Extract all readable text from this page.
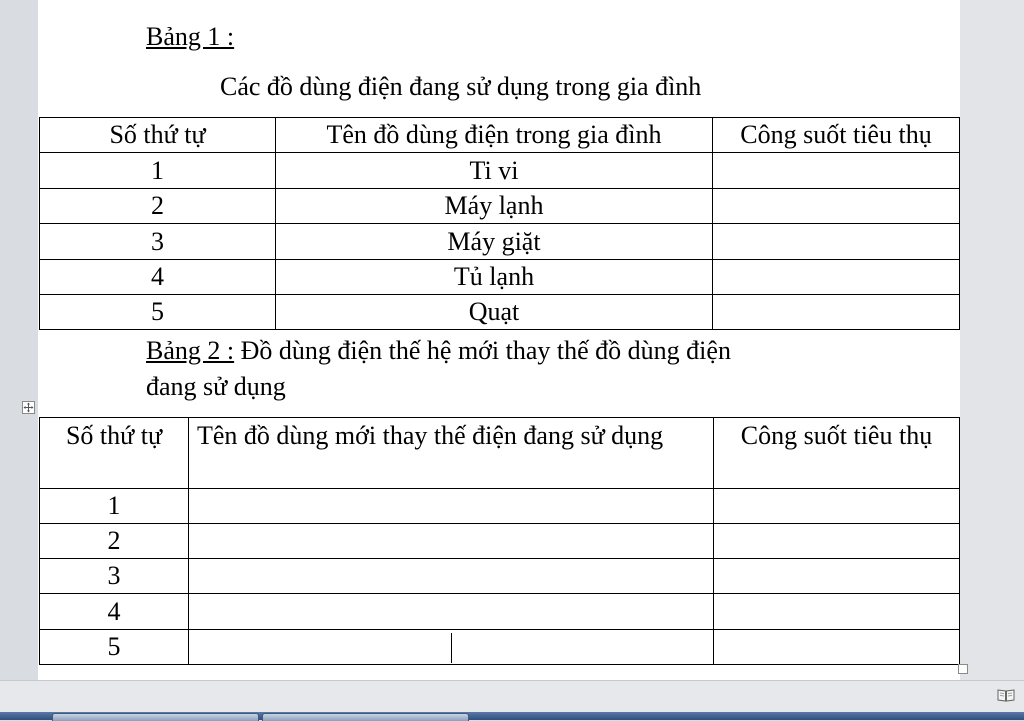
Bảng 1 :
Các đồ dùng điện đang sử dụng trong gia đình
Số thứ tự	Tên đồ dùng điện trong gia đình	Công suốt tiêu thụ
1	Ti vi	
2	Máy lạnh	
3	Máy giặt	
4	Tủ lạnh	
5	Quạt	
Bảng 2 : Đồ dùng điện thế hệ mới thay thế đồ dùng điện
đang sử dụng
Số thứ tự	Tên đồ dùng mới thay thế điện đang sử dụng	Công suốt tiêu thụ
1		
2		
3		
4		
5		
